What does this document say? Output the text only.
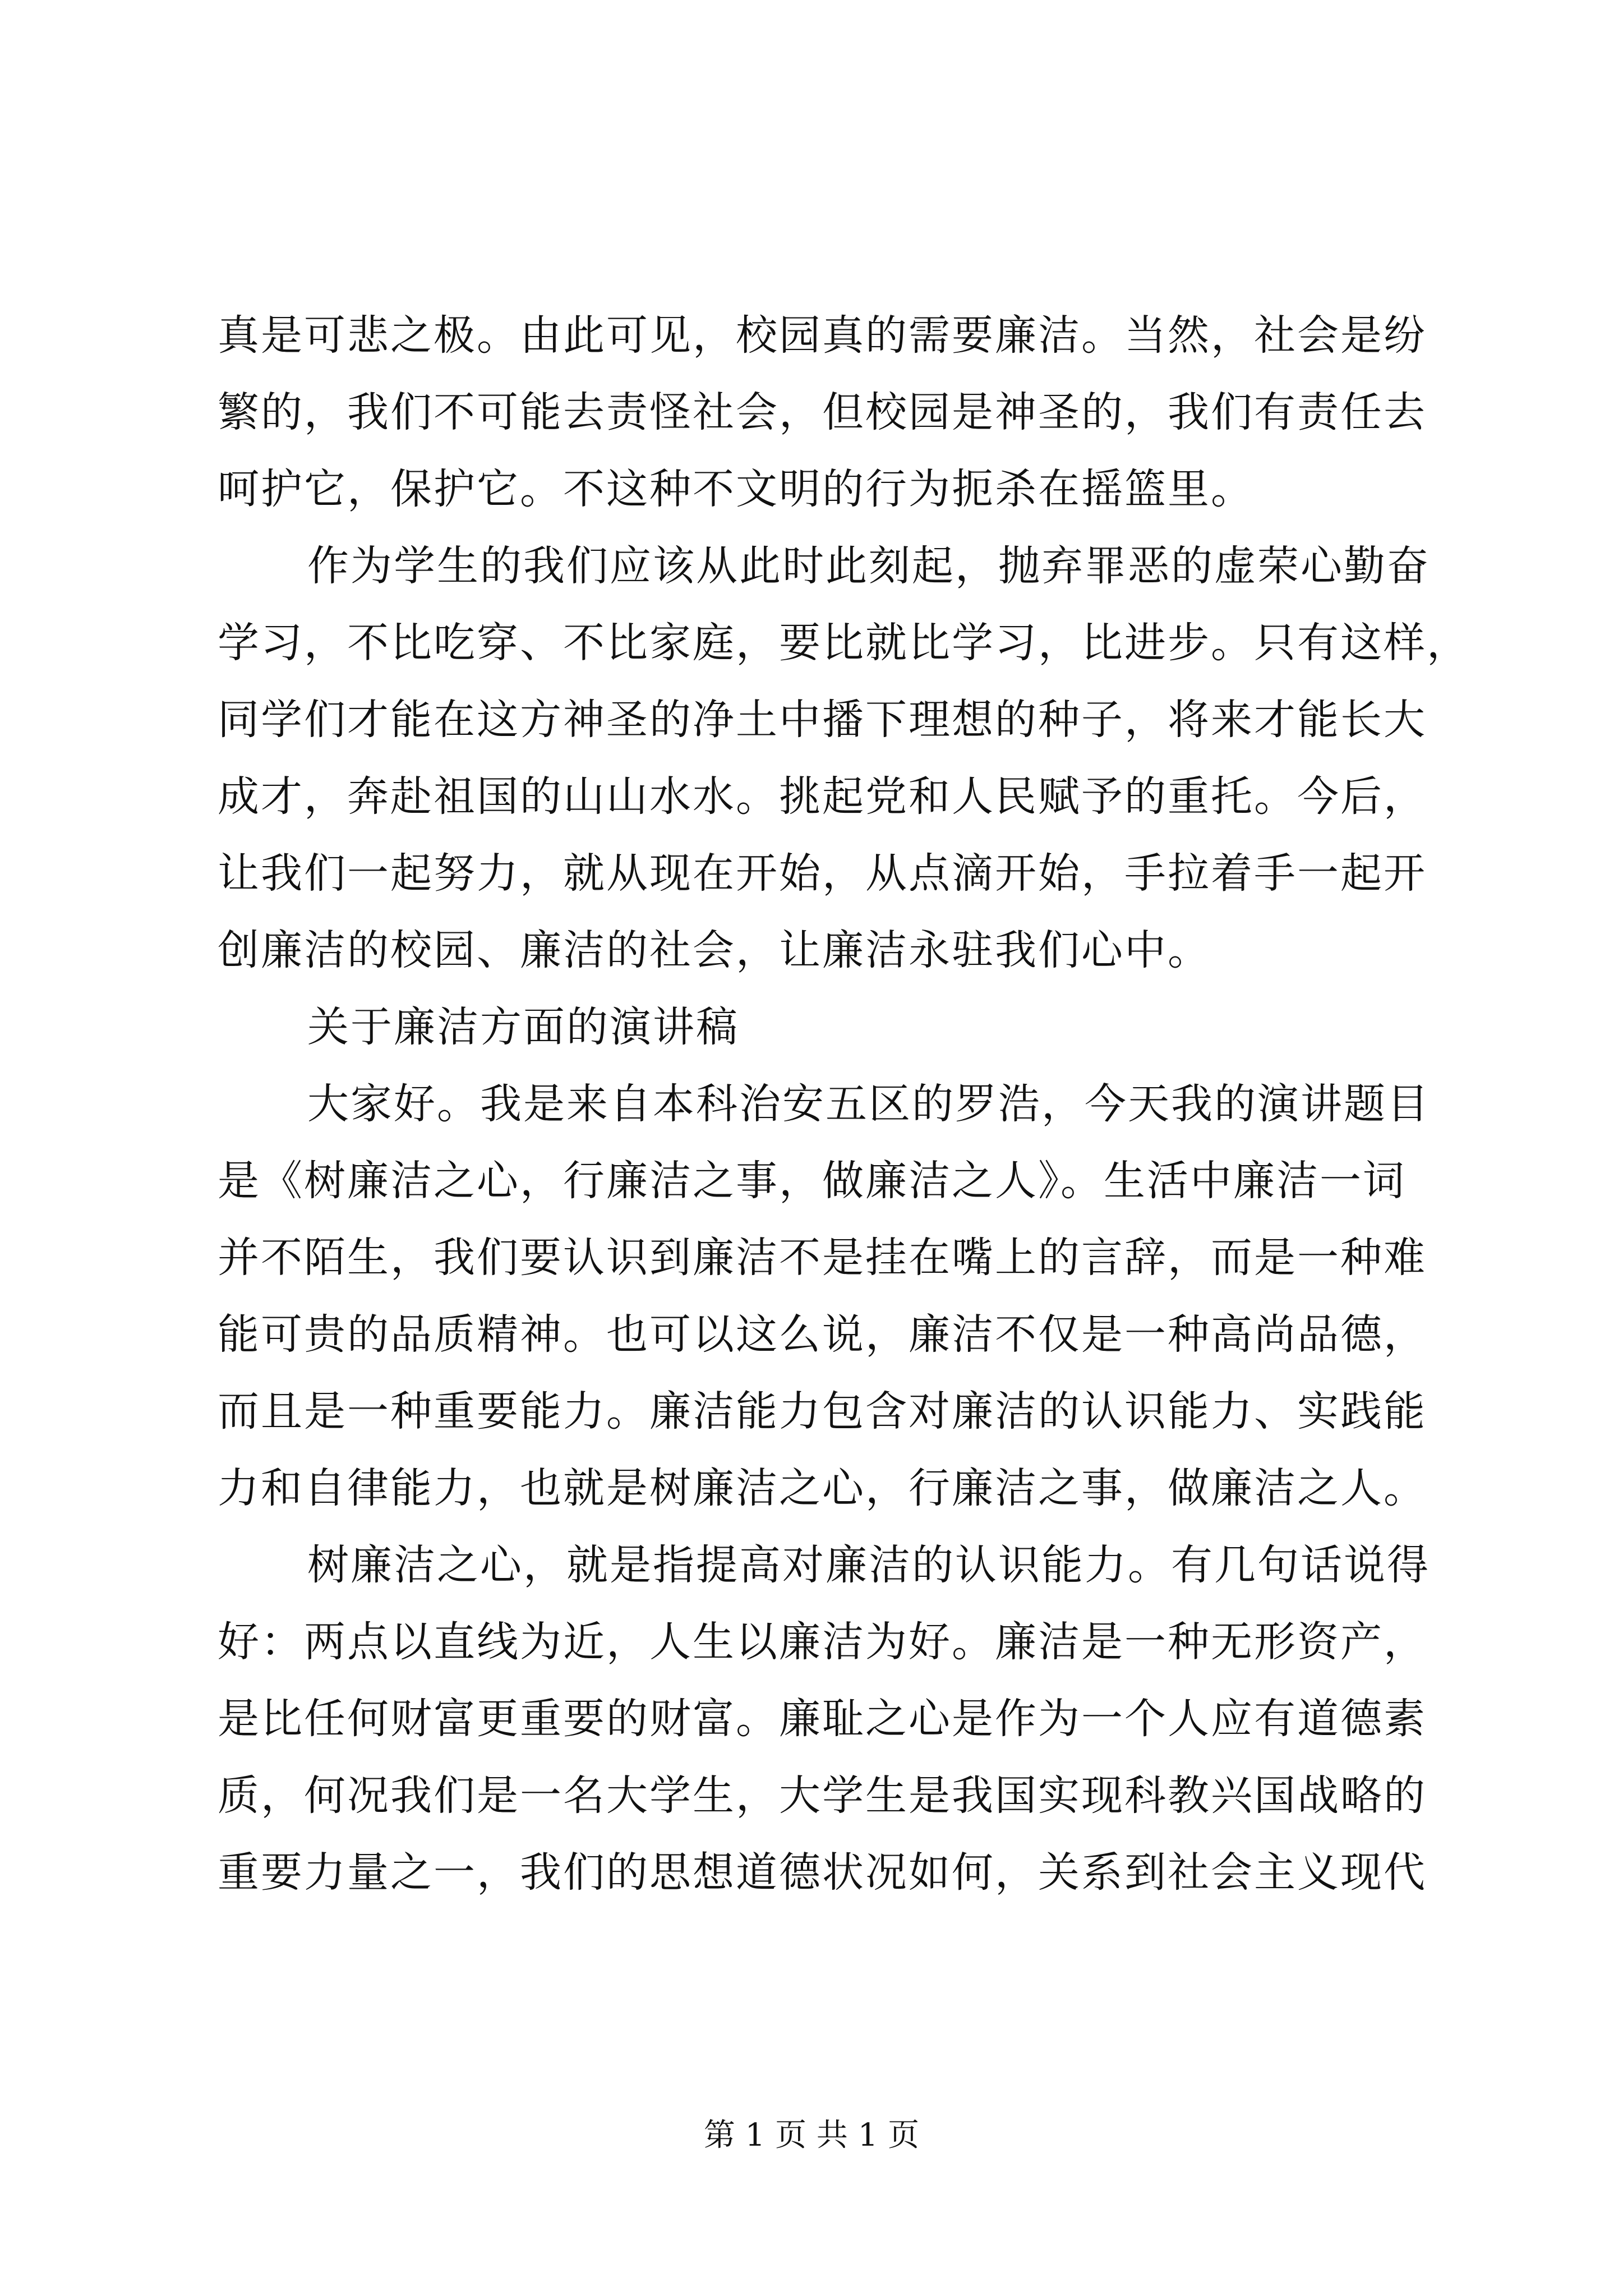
真是可悲之极。由此可见，校园真的需要廉洁。当然，社会是纷
繁的，我们不可能去责怪社会，但校园是神圣的，我们有责任去
呵护它，保护它。不这种不文明的行为扼杀在摇篮里。
作为学生的我们应该从此时此刻起，抛弃罪恶的虚荣心勤奋
学习，不比吃穿、不比家庭，要比就比学习，比进步。只有这样，
同学们才能在这方神圣的净土中播下理想的种子，将来才能长大
成才，奔赴祖国的山山水水。挑起党和人民赋予的重托。今后，
让我们一起努力，就从现在开始，从点滴开始，手拉着手一起开
创廉洁的校园、廉洁的社会，让廉洁永驻我们心中。
关于廉洁方面的演讲稿
大家好。我是来自本科治安五区的罗浩，今天我的演讲题目
是《树廉洁之心，行廉洁之事，做廉洁之人》。生活中廉洁一词
并不陌生，我们要认识到廉洁不是挂在嘴上的言辞，而是一种难
能可贵的品质精神。也可以这么说，廉洁不仅是一种高尚品德，
而且是一种重要能力。廉洁能力包含对廉洁的认识能力、实践能
力和自律能力，也就是树廉洁之心，行廉洁之事，做廉洁之人。
树廉洁之心，就是指提高对廉洁的认识能力。有几句话说得
好：两点以直线为近，人生以廉洁为好。廉洁是一种无形资产，
是比任何财富更重要的财富。廉耻之心是作为一个人应有道德素
质，何况我们是一名大学生，大学生是我国实现科教兴国战略的
重要力量之一，我们的思想道德状况如何，关系到社会主义现代
第 1 页 共 1 页
